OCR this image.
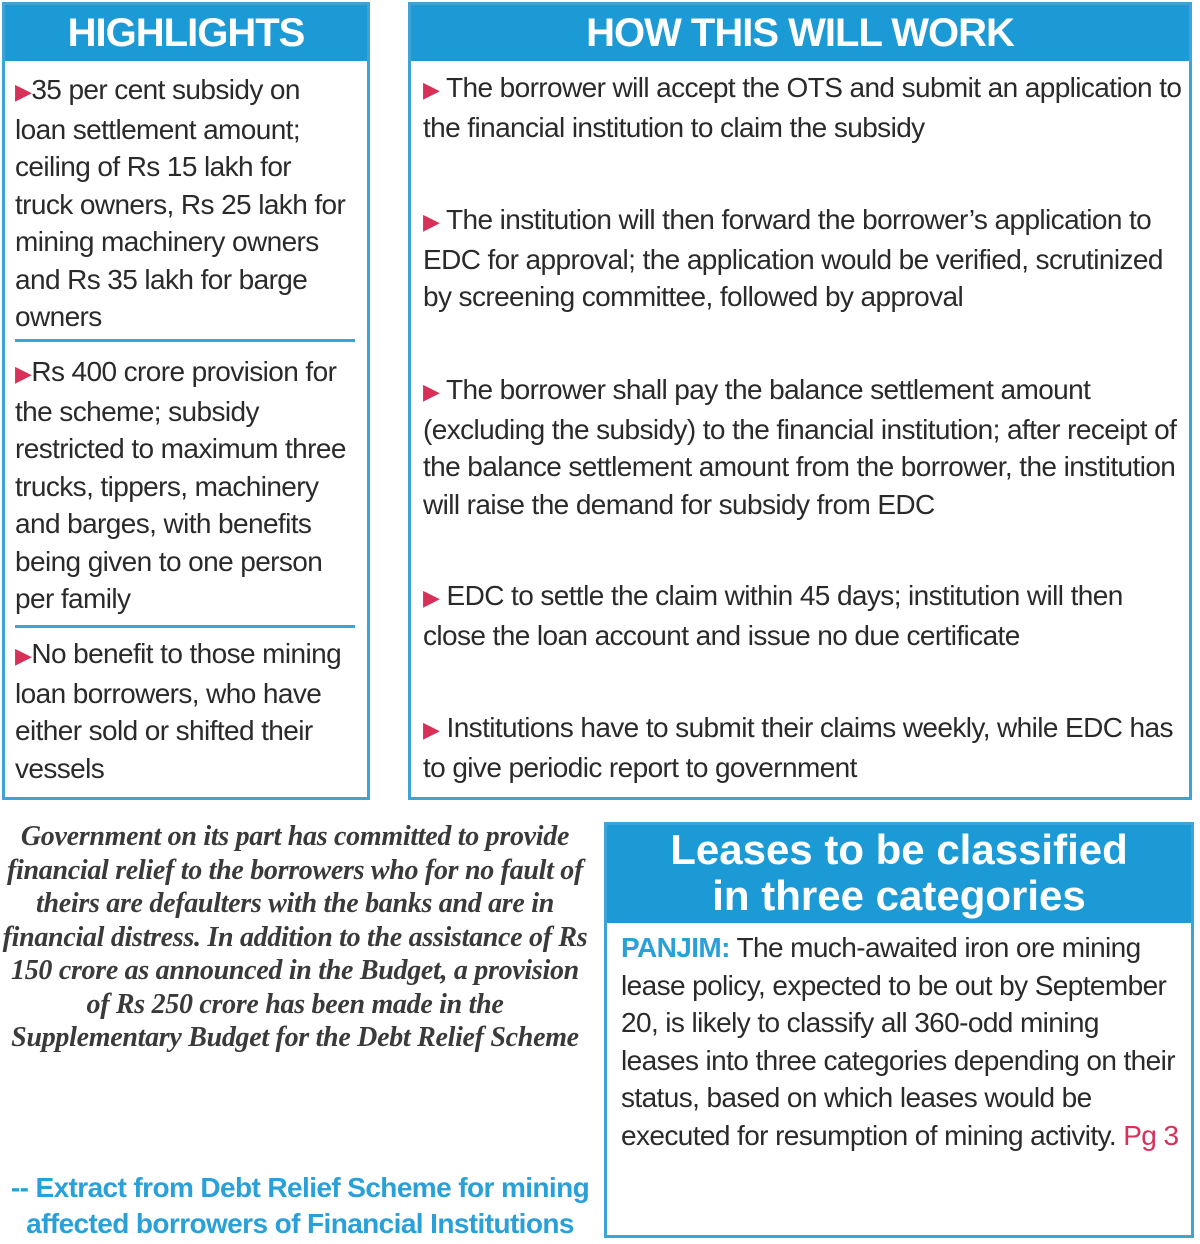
HIGHLIGHTS
▶35 per cent subsidy on loan settlement amount; ceiling of Rs 15 lakh for truck owners, Rs 25 lakh for mining machinery owners and Rs 35 lakh for barge owners
▶Rs 400 crore provision for the scheme; subsidy restricted to maximum three trucks, tippers, machinery and barges, with benefits being given to one person per family
▶No benefit to those mining loan borrowers, who have either sold or shifted their vessels
HOW THIS WILL WORK
▶ The borrower will accept the OTS and submit an application to the financial institution to claim the subsidy
▶ The institution will then forward the borrower’s application to EDC for approval; the application would be verified, scrutinized by screening committee, followed by approval
▶ The borrower shall pay the balance settlement amount (excluding the subsidy) to the financial institution; after receipt of the balance settlement amount from the borrower, the institution will raise the demand for subsidy from EDC
▶ EDC to settle the claim within 45 days; institution will then close the loan account and issue no due certificate
▶ Institutions have to submit their claims weekly, while EDC has to give periodic report to government
Government on its part has committed to provide financial relief to the borrowers who for no fault of theirs are defaulters with the banks and are in financial distress. In addition to the assistance of Rs 150 crore as announced in the Budget, a provision of Rs 250 crore has been made in the Supplementary Budget for the Debt Relief Scheme
-- Extract from Debt Relief Scheme for mining affected borrowers of Financial Institutions
Leases to be classified
in three categories
PANJIM: The much-awaited iron ore mining lease policy, expected to be out by September 20, is likely to classify all 360-odd mining leases into three categories depending on their status, based on which leases would be executed for resumption of mining activity. Pg 3
